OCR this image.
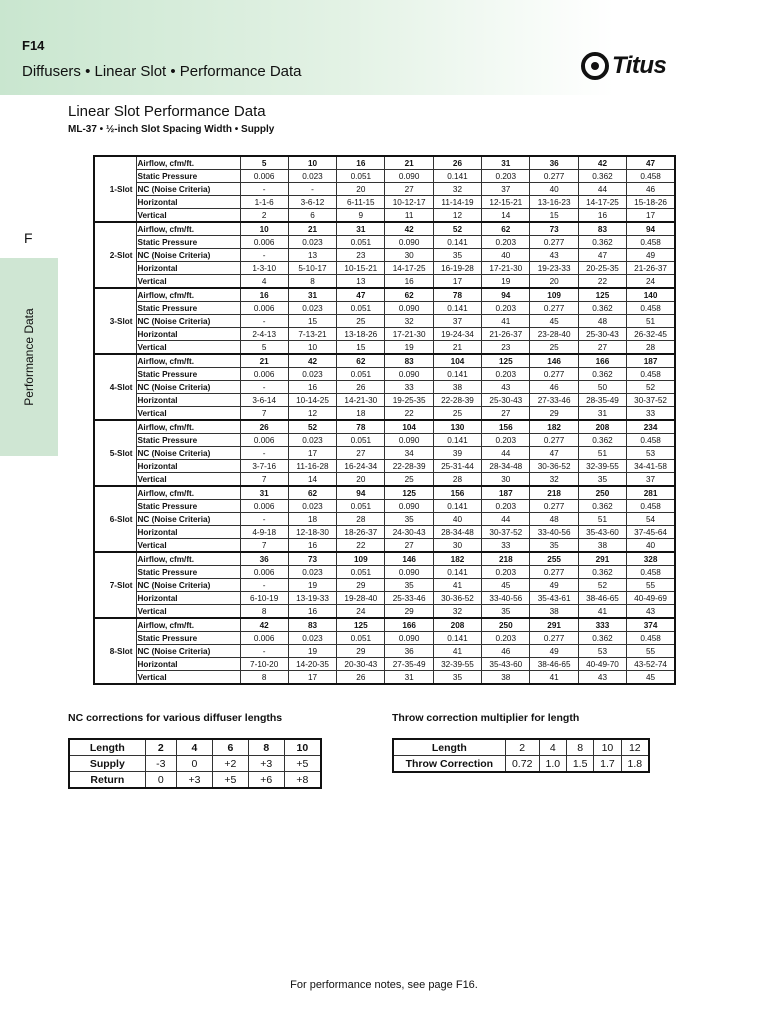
F14
Diffusers • Linear Slot • Performance Data	Titus
F
Performance Data
Linear Slot Performance Data
ML-37 • ½-inch Slot Spacing Width • Supply
1-Slot	Airflow, cfm/ft.	5	10	16	21	26	31	36	42	47
	Static Pressure	0.006	0.023	0.051	0.090	0.141	0.203	0.277	0.362	0.458
	NC (Noise Criteria)	-	-	20	27	32	37	40	44	46
	Horizontal	1-1-6	3-6-12	6-11-15	10-12-17	11-14-19	12-15-21	13-16-23	14-17-25	15-18-26
	Vertical	2	6	9	11	12	14	15	16	17
2-Slot	Airflow, cfm/ft.	10	21	31	42	52	62	73	83	94
	Static Pressure	0.006	0.023	0.051	0.090	0.141	0.203	0.277	0.362	0.458
	NC (Noise Criteria)	-	13	23	30	35	40	43	47	49
	Horizontal	1-3-10	5-10-17	10-15-21	14-17-25	16-19-28	17-21-30	19-23-33	20-25-35	21-26-37
	Vertical	4	8	13	16	17	19	20	22	24
3-Slot	Airflow, cfm/ft.	16	31	47	62	78	94	109	125	140
	Static Pressure	0.006	0.023	0.051	0.090	0.141	0.203	0.277	0.362	0.458
	NC (Noise Criteria)	-	15	25	32	37	41	45	48	51
	Horizontal	2-4-13	7-13-21	13-18-26	17-21-30	19-24-34	21-26-37	23-28-40	25-30-43	26-32-45
	Vertical	5	10	15	19	21	23	25	27	28
4-Slot	Airflow, cfm/ft.	21	42	62	83	104	125	146	166	187
	Static Pressure	0.006	0.023	0.051	0.090	0.141	0.203	0.277	0.362	0.458
	NC (Noise Criteria)	-	16	26	33	38	43	46	50	52
	Horizontal	3-6-14	10-14-25	14-21-30	19-25-35	22-28-39	25-30-43	27-33-46	28-35-49	30-37-52
	Vertical	7	12	18	22	25	27	29	31	33
5-Slot	Airflow, cfm/ft.	26	52	78	104	130	156	182	208	234
	Static Pressure	0.006	0.023	0.051	0.090	0.141	0.203	0.277	0.362	0.458
	NC (Noise Criteria)	-	17	27	34	39	44	47	51	53
	Horizontal	3-7-16	11-16-28	16-24-34	22-28-39	25-31-44	28-34-48	30-36-52	32-39-55	34-41-58
	Vertical	7	14	20	25	28	30	32	35	37
6-Slot	Airflow, cfm/ft.	31	62	94	125	156	187	218	250	281
	Static Pressure	0.006	0.023	0.051	0.090	0.141	0.203	0.277	0.362	0.458
	NC (Noise Criteria)	-	18	28	35	40	44	48	51	54
	Horizontal	4-9-18	12-18-30	18-26-37	24-30-43	28-34-48	30-37-52	33-40-56	35-43-60	37-45-64
	Vertical	7	16	22	27	30	33	35	38	40
7-Slot	Airflow, cfm/ft.	36	73	109	146	182	218	255	291	328
	Static Pressure	0.006	0.023	0.051	0.090	0.141	0.203	0.277	0.362	0.458
	NC (Noise Criteria)	-	19	29	35	41	45	49	52	55
	Horizontal	6-10-19	13-19-33	19-28-40	25-33-46	30-36-52	33-40-56	35-43-61	38-46-65	40-49-69
	Vertical	8	16	24	29	32	35	38	41	43
8-Slot	Airflow, cfm/ft.	42	83	125	166	208	250	291	333	374
	Static Pressure	0.006	0.023	0.051	0.090	0.141	0.203	0.277	0.362	0.458
	NC (Noise Criteria)	-	19	29	36	41	46	49	53	55
	Horizontal	7-10-20	14-20-35	20-30-43	27-35-49	32-39-55	35-43-60	38-46-65	40-49-70	43-52-74
	Vertical	8	17	26	31	35	38	41	43	45
NC corrections for various diffuser lengths
Length	2	4	6	8	10
Supply	-3	0	+2	+3	+5
Return	0	+3	+5	+6	+8
Throw correction multiplier for length
Length	2	4	8	10	12
Throw Correction	0.72	1.0	1.5	1.7	1.8
For performance notes, see page F16.
